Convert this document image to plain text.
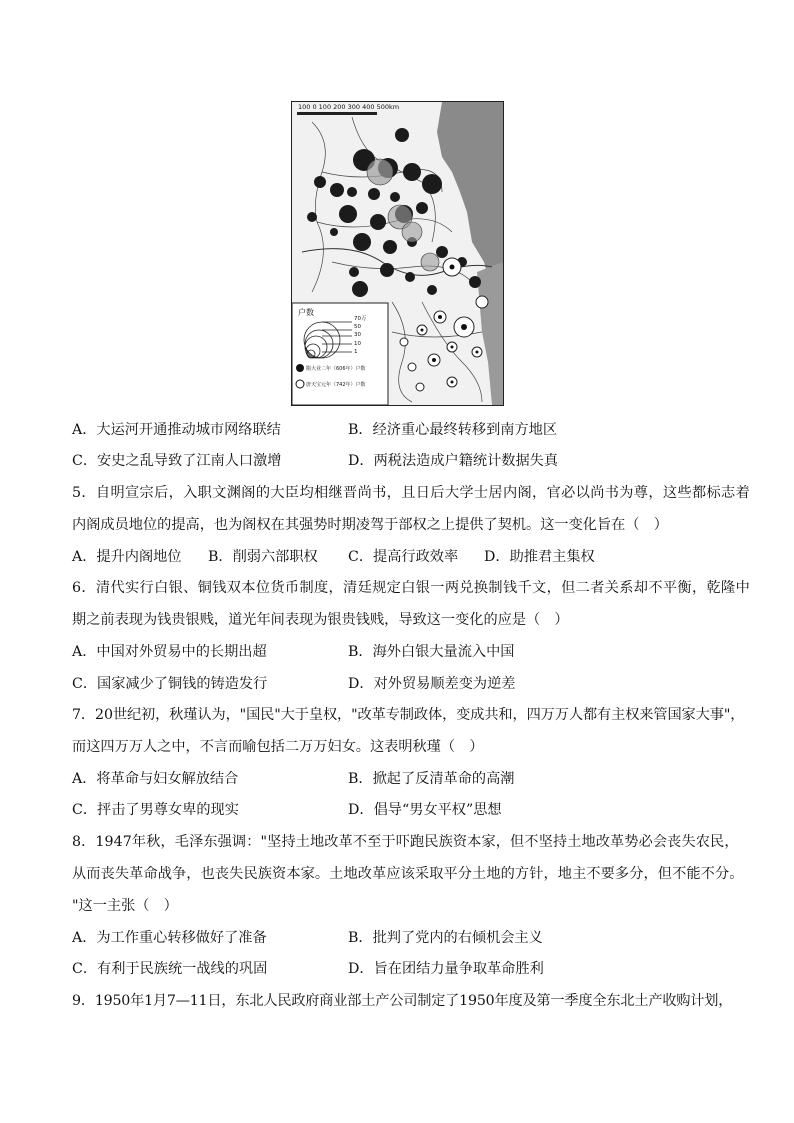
100 0 100 200 300 400 500km
户数
70万
50
30
10
1
隋大业二年（606年）户数
唐天宝元年（742年）户数
A．大运河开通推动城市网络联结	B．经济重心最终转移到南方地区
C．安史之乱导致了江南人口激增	D．两税法造成户籍统计数据失真
5．自明宣宗后，入职文渊阁的大臣均相继晋尚书，且日后大学士居内阁，官必以尚书为尊，这些都标志着
内阁成员地位的提高，也为阁权在其强势时期凌驾于部权之上提供了契机。这一变化旨在（　）
A．提升内阁地位 B．削弱六部职权 C．提高行政效率 D．助推君主集权
6．清代实行白银、铜钱双本位货币制度，清廷规定白银一两兑换制钱千文，但二者关系却不平衡，乾隆中
期之前表现为钱贵银贱，道光年间表现为银贵钱贱，导致这一变化的应是（　）
A．中国对外贸易中的长期出超	B．海外白银大量流入中国
C．国家减少了铜钱的铸造发行	D．对外贸易顺差变为逆差
7．20世纪初，秋瑾认为，"国民"大于皇权，"改革专制政体，变成共和，四万万人都有主权来管国家大事"，
而这四万万人之中，不言而喻包括二万万妇女。这表明秋瑾（　）
A．将革命与妇女解放结合	B．掀起了反清革命的高潮
C．抨击了男尊女卑的现实	D．倡导“男女平权”思想
8．1947年秋，毛泽东强调："坚持土地改革不至于吓跑民族资本家，但不坚持土地改革势必会丧失农民，
从而丧失革命战争，也丧失民族资本家。土地改革应该采取平分土地的方针，地主不要多分，但不能不分。
"这一主张（　）
A．为工作重心转移做好了准备	B．批判了党内的右倾机会主义
C．有利于民族统一战线的巩固	D．旨在团结力量争取革命胜利
9．1950年1月7—11日，东北人民政府商业部土产公司制定了1950年度及第一季度全东北土产收购计划，
